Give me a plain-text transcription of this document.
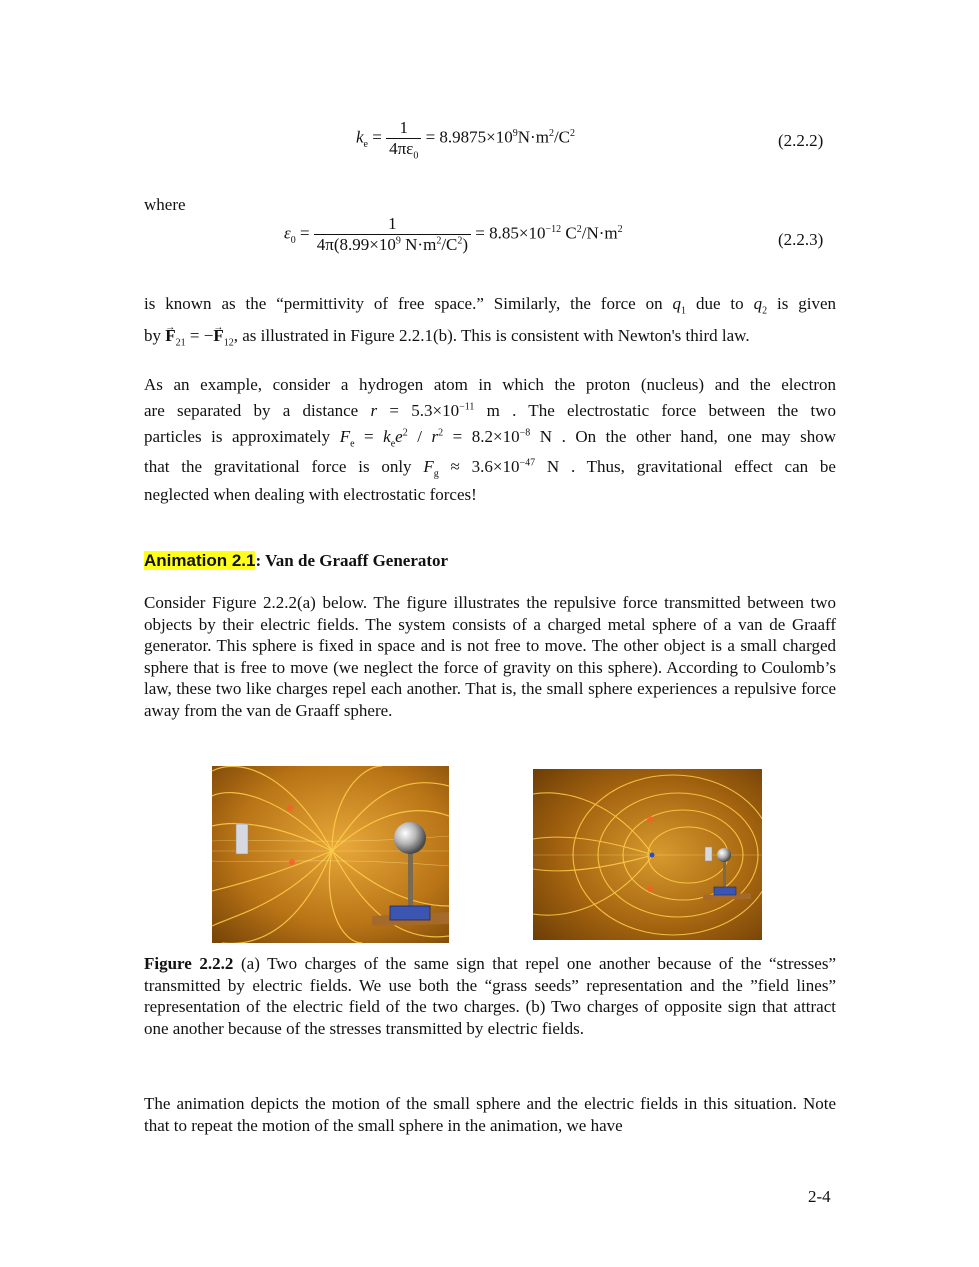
$k_e = \frac{1}{4\pi\varepsilon_0} = 8.9875\times 10^9N\cdot m^2/C^2$	(2.2.2)
where
$\varepsilon_0 = \frac{1}{4\pi(8.99\times 10^9 N\cdot m^2/C^2)} = 8.85\times 10^{-12}$ $C^2/N\cdot m^2$
(2.2.3)
is known as the “permittivity of free space.” Similarly, the force on $q_1$ due to $q_2$ is given
by → $F_{21}$ = −→ $F_{12}$, as illustrated in Figure 2.2.1(b). This is consistent with Newton's third law.
As an example, consider a hydrogen atom in which the proton (nucleus) and the electron
are separated by a distance $r = 5.3\times 10^{-11}$ m . The electrostatic force between the two
particles is approximately $F_e = k_ee^2 / r^2 = 8.2\times 10^{-8}$ N . On the other hand, one may show
that the gravitational force is only $F_g \approx 3.6\times 10^{-47}$ N . Thus, gravitational effect can be
neglected when dealing with electrostatic forces!
Animation 2.1: Van de Graaff Generator
Consider Figure 2.2.2(a) below. The figure illustrates the repulsive force transmitted between two objects by their electric fields. The system consists of a charged metal sphere of a van de Graaff generator. This sphere is fixed in space and is not free to move. The other object is a small charged sphere that is free to move (we neglect the force of gravity on this sphere). According to Coulomb’s law, these two like charges repel each another. That is, the small sphere experiences a repulsive force away from the van de Graaff sphere.
Figure 2.2.2 (a) Two charges of the same sign that repel one another because of the “stresses” transmitted by electric fields. We use both the “grass seeds” representation and the ”field lines” representation of the electric field of the two charges. (b) Two charges of opposite sign that attract one another because of the stresses transmitted by electric fields.
The animation depicts the motion of the small sphere and the electric fields in this situation. Note that to repeat the motion of the small sphere in the animation, we have
2-4
